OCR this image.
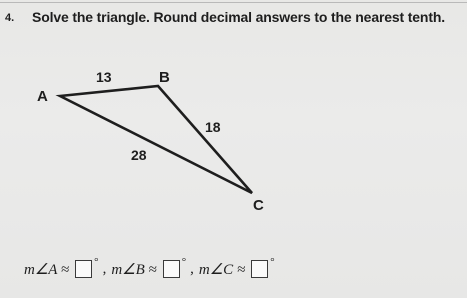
4. Solve the triangle. Round decimal answers to the nearest tenth.
A
B
C
13
18
28
m∠A ≈ ° , m∠B ≈ ° , m∠C ≈ °
